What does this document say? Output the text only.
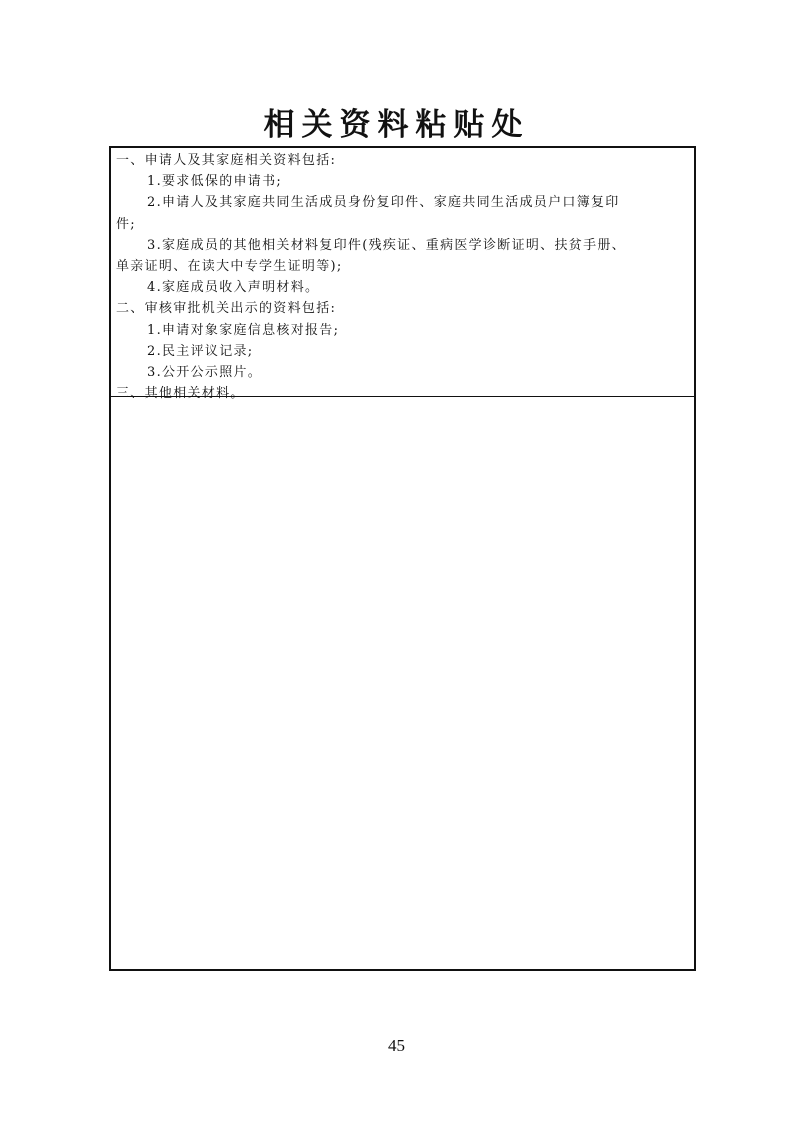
相关资料粘贴处
一、申请人及其家庭相关资料包括:
1.要求低保的申请书;
2.申请人及其家庭共同生活成员身份复印件、家庭共同生活成员户口簿复印
件;
3.家庭成员的其他相关材料复印件(残疾证、重病医学诊断证明、扶贫手册、
单亲证明、在读大中专学生证明等);
4.家庭成员收入声明材料。
二、审核审批机关出示的资料包括:
1.申请对象家庭信息核对报告;
2.民主评议记录;
3.公开公示照片。
三、其他相关材料。
45
